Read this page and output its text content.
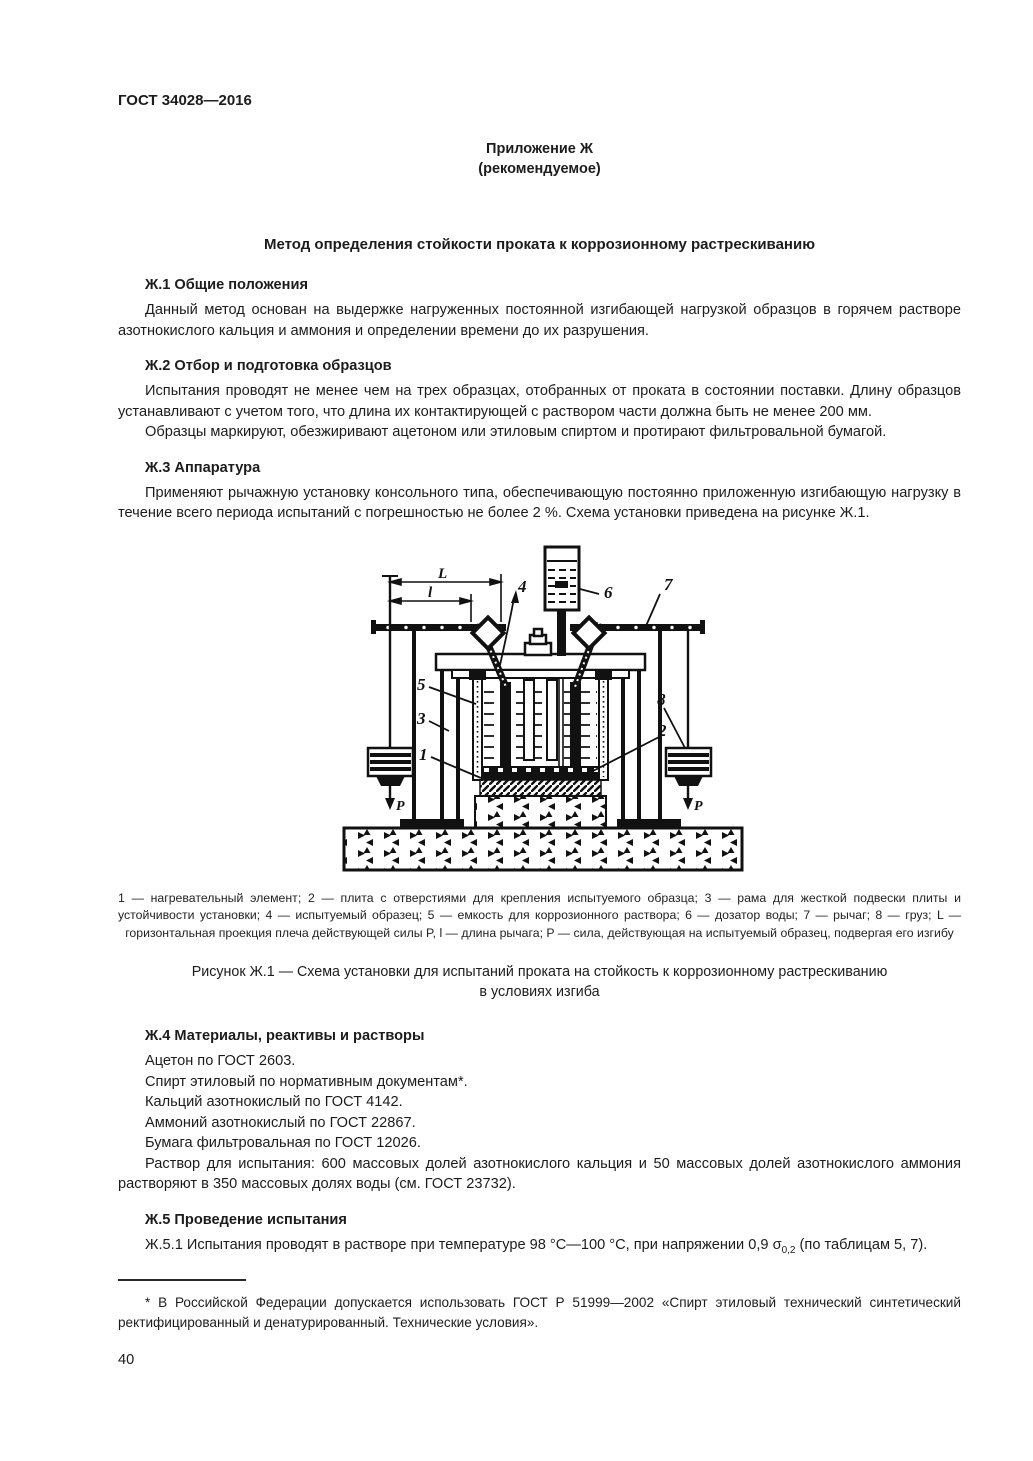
ГОСТ 34028—2016
Приложение Ж
(рекомендуемое)
Метод определения стойкости проката к коррозионному растрескиванию
Ж.1 Общие положения

Данный метод основан на выдержке нагруженных постоянной изгибающей нагрузкой образцов в горячем растворе азотнокислого кальция и аммония и определении времени до их разрушения.

Ж.2 Отбор и подготовка образцов

Испытания проводят не менее чем на трех образцах, отобранных от проката в состоянии поставки. Длину образцов устанавливают с учетом того, что длина их контактирующей с раствором части должна быть не менее 200 мм.

Образцы маркируют, обезжиривают ацетоном или этиловым спиртом и протирают фильтровальной бумагой.

Ж.3 Аппаратура

Применяют рычажную установку консольного типа, обеспечивающую постоянно приложенную изгибающую нагрузку в течение всего периода испытаний с погрешностью не более 2 %. Схема установки приведена на рисунке Ж.1.

4	6	7
5
3
1
2
8
L
l
P	P
1 — нагревательный элемент; 2 — плита с отверстиями для крепления испытуемого образца; 3 — рама для жесткой подвески плиты и устойчивости установки; 4 — испытуемый образец; 5 — емкость для коррозионного раствора; 6 — дозатор воды; 7 — рычаг; 8 — груз; L — горизонтальная проекция плеча действующей силы P, l — длина рычага; P — сила, действующая на испытуемый образец, подвергая его изгибу
Рисунок Ж.1 — Схема установки для испытаний проката на стойкость к коррозионному растрескиванию
в условиях изгиба
Ж.4 Материалы, реактивы и растворы

Ацетон по ГОСТ 2603.

Спирт этиловый по нормативным документам*.

Кальций азотнокислый по ГОСТ 4142.

Аммоний азотнокислый по ГОСТ 22867.

Бумага фильтровальная по ГОСТ 12026.

Раствор для испытания: 600 массовых долей азотнокислого кальция и 50 массовых долей азотнокислого аммония растворяют в 350 массовых долях воды (см. ГОСТ 23732).

Ж.5 Проведение испытания

Ж.5.1 Испытания проводят в растворе при температуре 98 °С—100 °С, при напряжении 0,9 $\sigma_{0,2}$ (по таблицам 5, 7).

* В Российской Федерации допускается использовать ГОСТ Р 51999—2002 «Спирт этиловый технический синтетический ректифицированный и денатурированный. Технические условия».

40
